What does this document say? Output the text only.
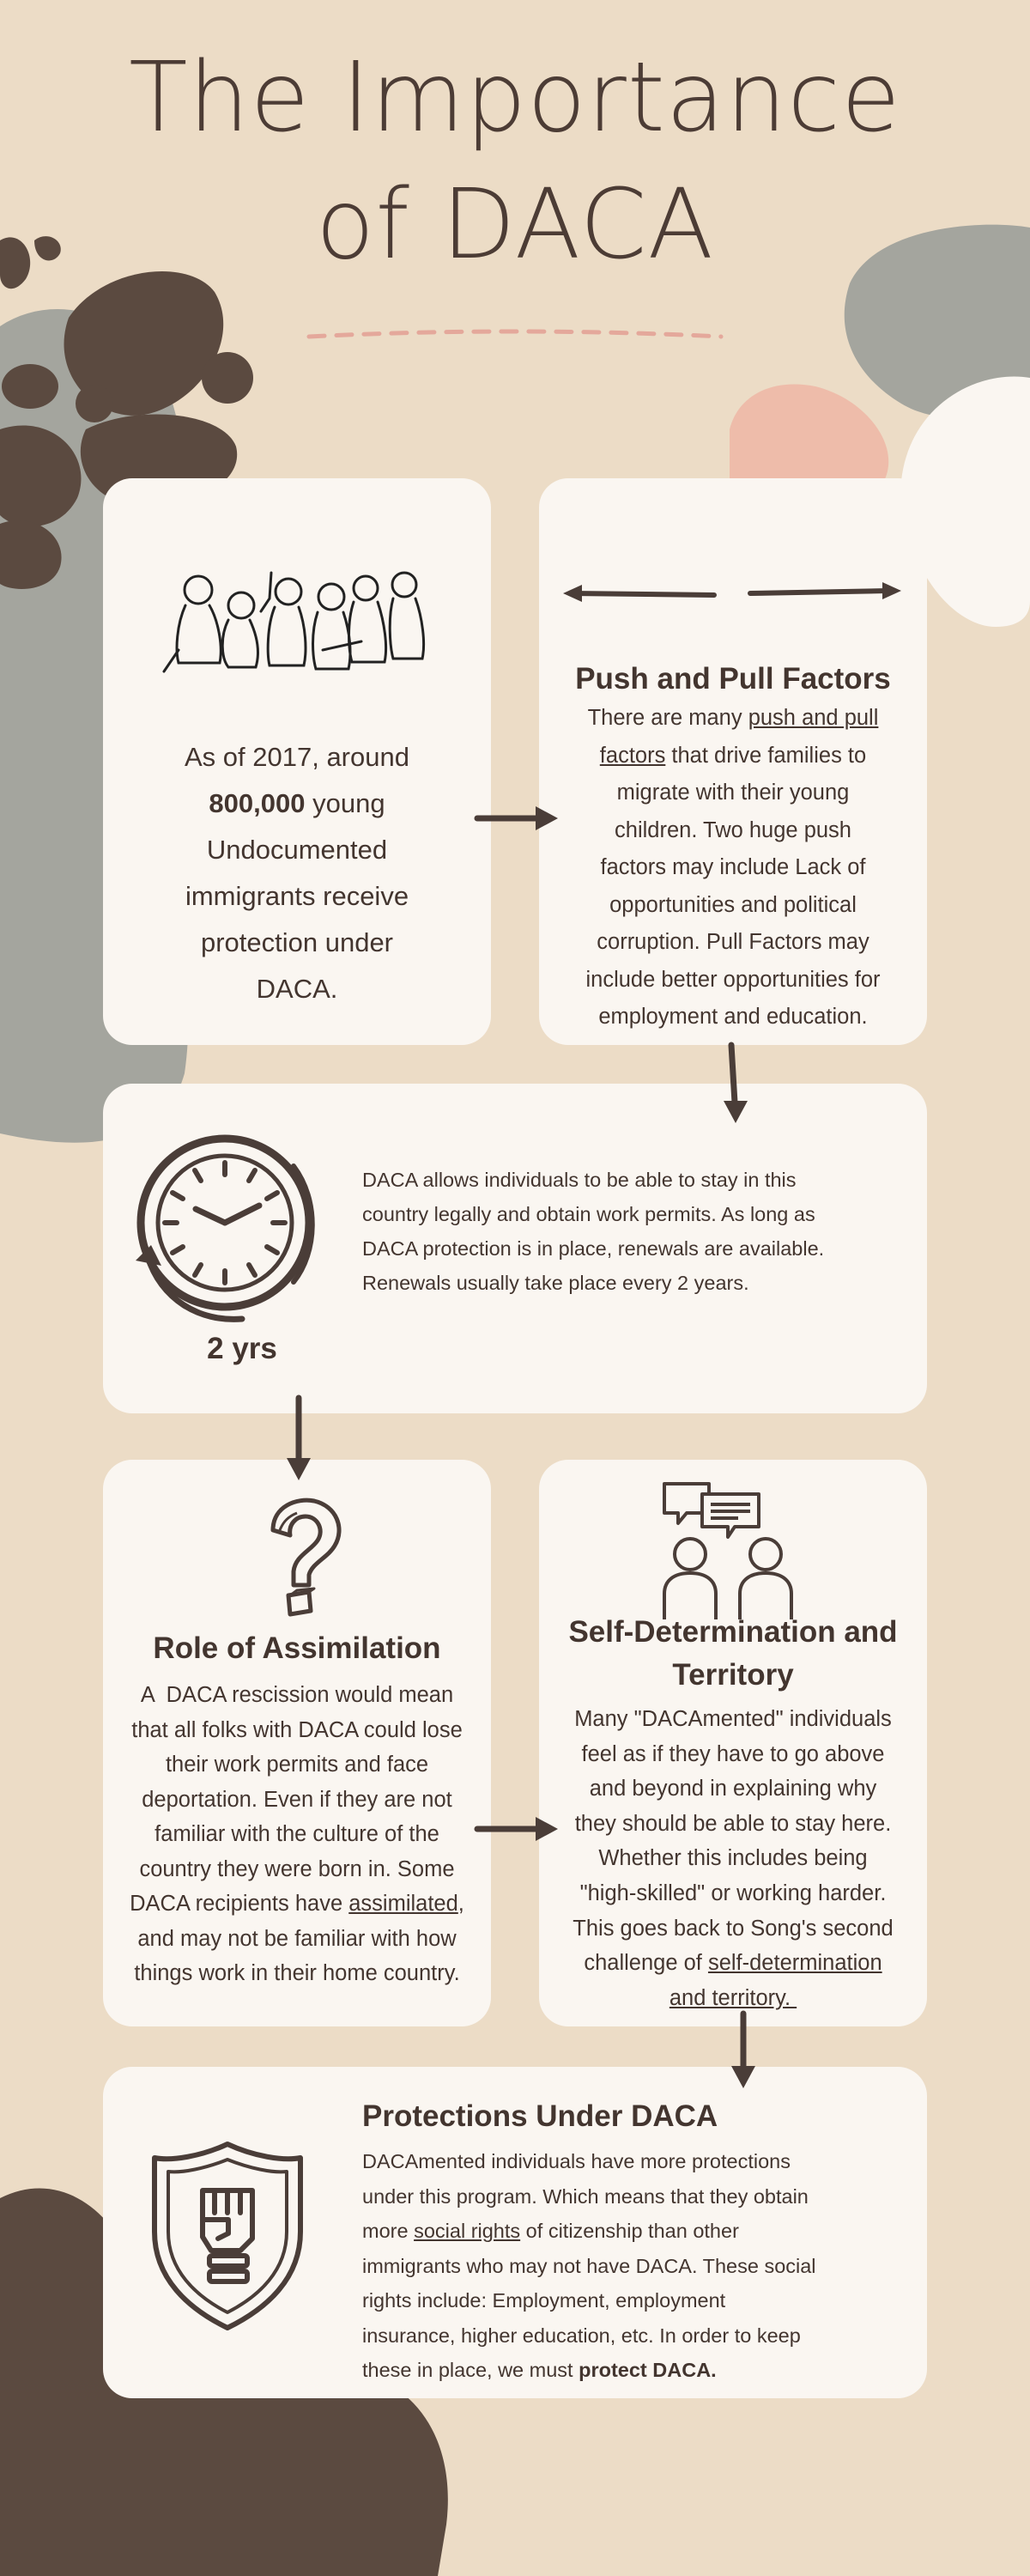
The Importance
of DACA
As of 2017, around
800,000 young
Undocumented
immigrants receive
protection under
DACA.
Push and Pull Factors
There are many push and pull
factors that drive families to
migrate with their young
children. Two huge push
factors may include Lack of
opportunities and political
corruption. Pull Factors may
include better opportunities for
employment and education.
2 yrs
DACA allows individuals to be able to stay in this
country legally and obtain work permits. As long as
DACA protection is in place, renewals are available.
Renewals usually take place every 2 years.
Role of Assimilation
A  DACA rescission would mean
that all folks with DACA could lose
their work permits and face
deportation. Even if they are not
familiar with the culture of the
country they were born in. Some
DACA recipients have assimilated,
and may not be familiar with how
things work in their home country.
Self-Determination and
Territory
Many "DACAmented" individuals
feel as if they have to go above
and beyond in explaining why
they should be able to stay here.
Whether this includes being
"high-skilled" or working harder.
This goes back to Song's second
challenge of self-determination
and territory.
Protections Under DACA
DACAmented individuals have more protections
under this program. Which means that they obtain
more social rights of citizenship than other
immigrants who may not have DACA. These social
rights include: Employment, employment
insurance, higher education, etc. In order to keep
these in place, we must protect DACA.
